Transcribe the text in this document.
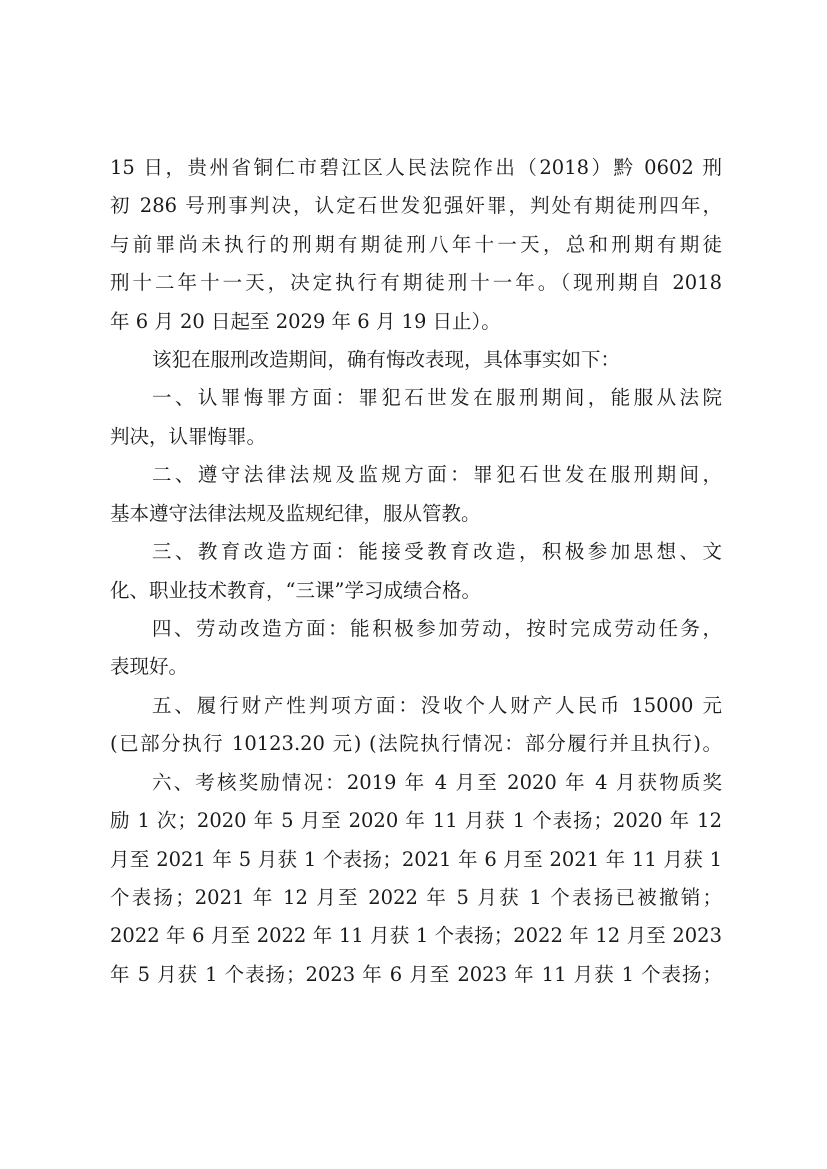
15 日，贵州省铜仁市碧江区人民法院作出（2018）黔 0602 刑
初 286 号刑事判决，认定石世发犯强奸罪，判处有期徒刑四年，
与前罪尚未执行的刑期有期徒刑八年十一天，总和刑期有期徒
刑十二年十一天，决定执行有期徒刑十一年。（现刑期自 2018
年 6 月 20 日起至 2029 年 6 月 19 日止）。
该犯在服刑改造期间，确有悔改表现，具体事实如下：
一、认罪悔罪方面：罪犯石世发在服刑期间，能服从法院
判决，认罪悔罪。
二、遵守法律法规及监规方面：罪犯石世发在服刑期间，
基本遵守法律法规及监规纪律，服从管教。
三、教育改造方面：能接受教育改造，积极参加思想、文
化、职业技术教育，“三课”学习成绩合格。
四、劳动改造方面：能积极参加劳动，按时完成劳动任务，
表现好。
五、履行财产性判项方面：没收个人财产人民币 15000 元
(已部分执行 10123.20 元) (法院执行情况：部分履行并且执行)。
六、考核奖励情况：2019 年 4 月至 2020 年 4 月获物质奖
励 1 次；2020 年 5 月至 2020 年 11 月获 1 个表扬；2020 年 12
月至 2021 年 5 月获 1 个表扬；2021 年 6 月至 2021 年 11 月获 1
个表扬；2021 年 12 月至 2022 年 5 月获 1 个表扬已被撤销；
2022 年 6 月至 2022 年 11 月获 1 个表扬；2022 年 12 月至 2023
年 5 月获 1 个表扬；2023 年 6 月至 2023 年 11 月获 1 个表扬；
